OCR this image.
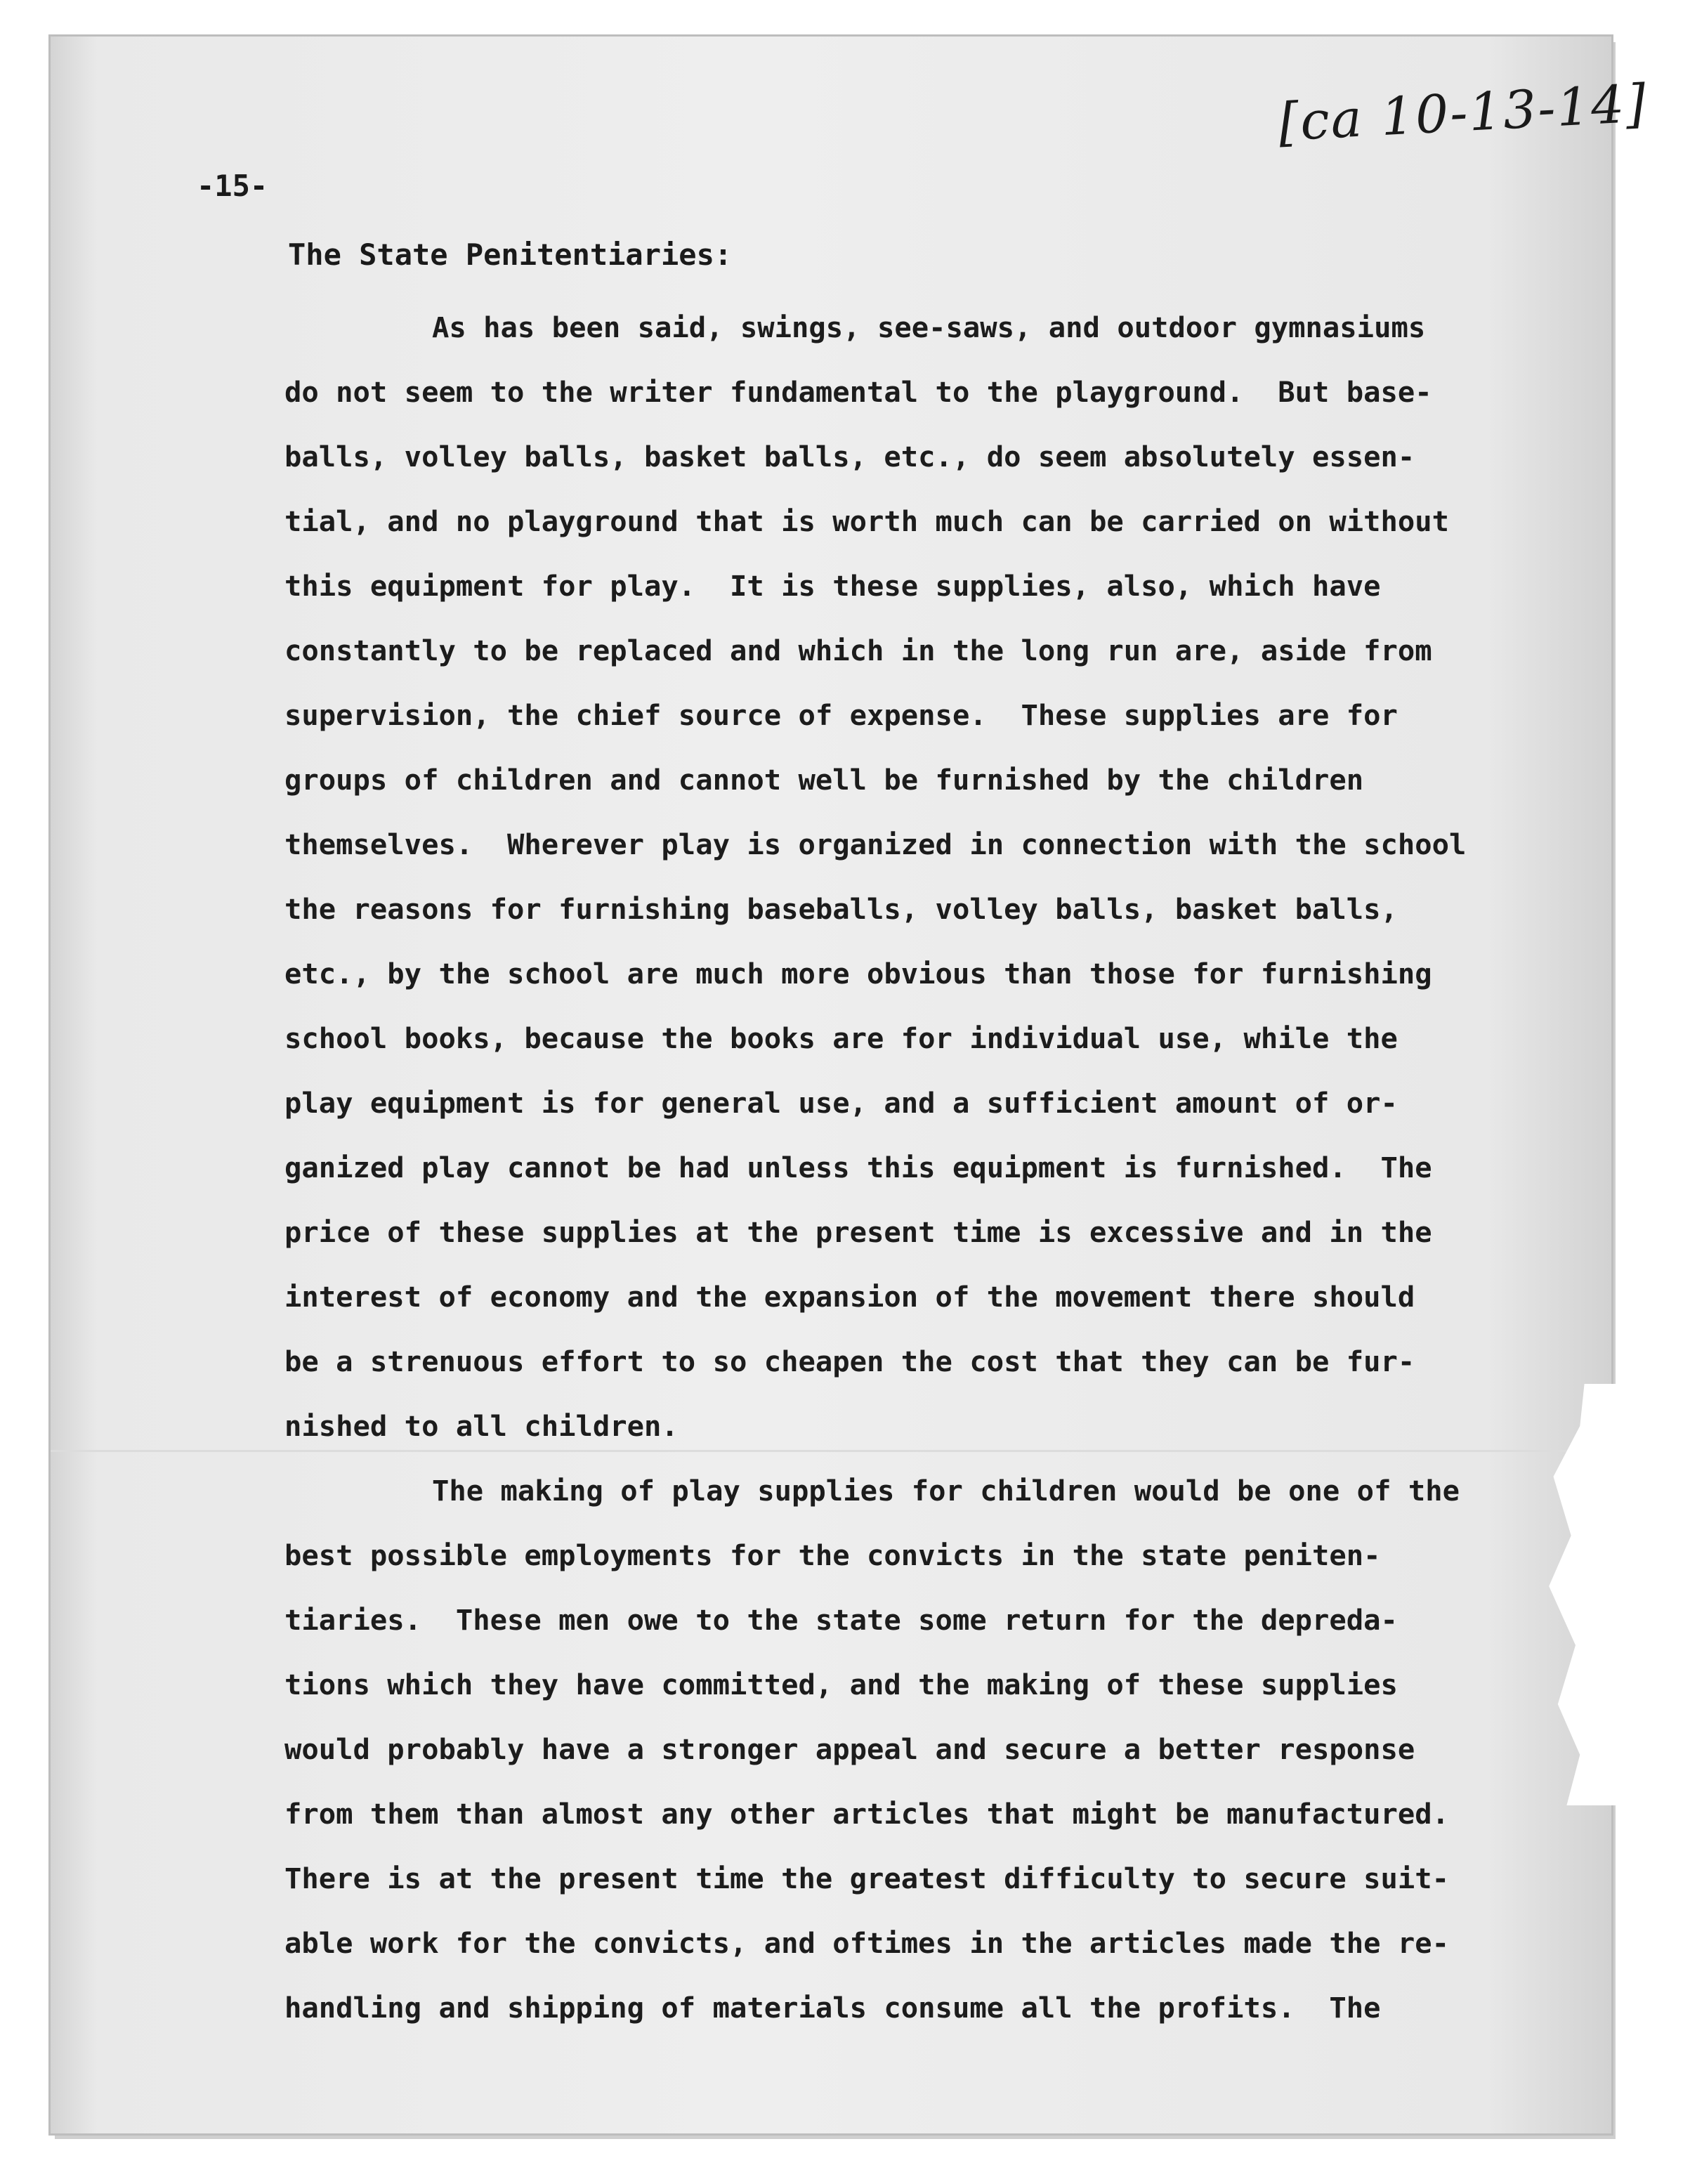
[ca 10-13-14]
-15-
The State Penitentiaries:
As has been said, swings, see-saws, and outdoor gymnasiums
do not seem to the writer fundamental to the playground.  But base-
balls, volley balls, basket balls, etc., do seem absolutely essen-
tial, and no playground that is worth much can be carried on without
this equipment for play.  It is these supplies, also, which have
constantly to be replaced and which in the long run are, aside from
supervision, the chief source of expense.  These supplies are for
groups of children and cannot well be furnished by the children
themselves.  Wherever play is organized in connection with the school
the reasons for furnishing baseballs, volley balls, basket balls,
etc., by the school are much more obvious than those for furnishing
school books, because the books are for individual use, while the
play equipment is for general use, and a sufficient amount of or-
ganized play cannot be had unless this equipment is furnished.  The
price of these supplies at the present time is excessive and in the
interest of economy and the expansion of the movement there should
be a strenuous effort to so cheapen the cost that they can be fur-
nished to all children.
The making of play supplies for children would be one of the
best possible employments for the convicts in the state peniten-
tiaries.  These men owe to the state some return for the depreda-
tions which they have committed, and the making of these supplies
would probably have a stronger appeal and secure a better response
from them than almost any other articles that might be manufactured.
There is at the present time the greatest difficulty to secure suit-
able work for the convicts, and oftimes in the articles made the re-
handling and shipping of materials consume all the profits.  The
